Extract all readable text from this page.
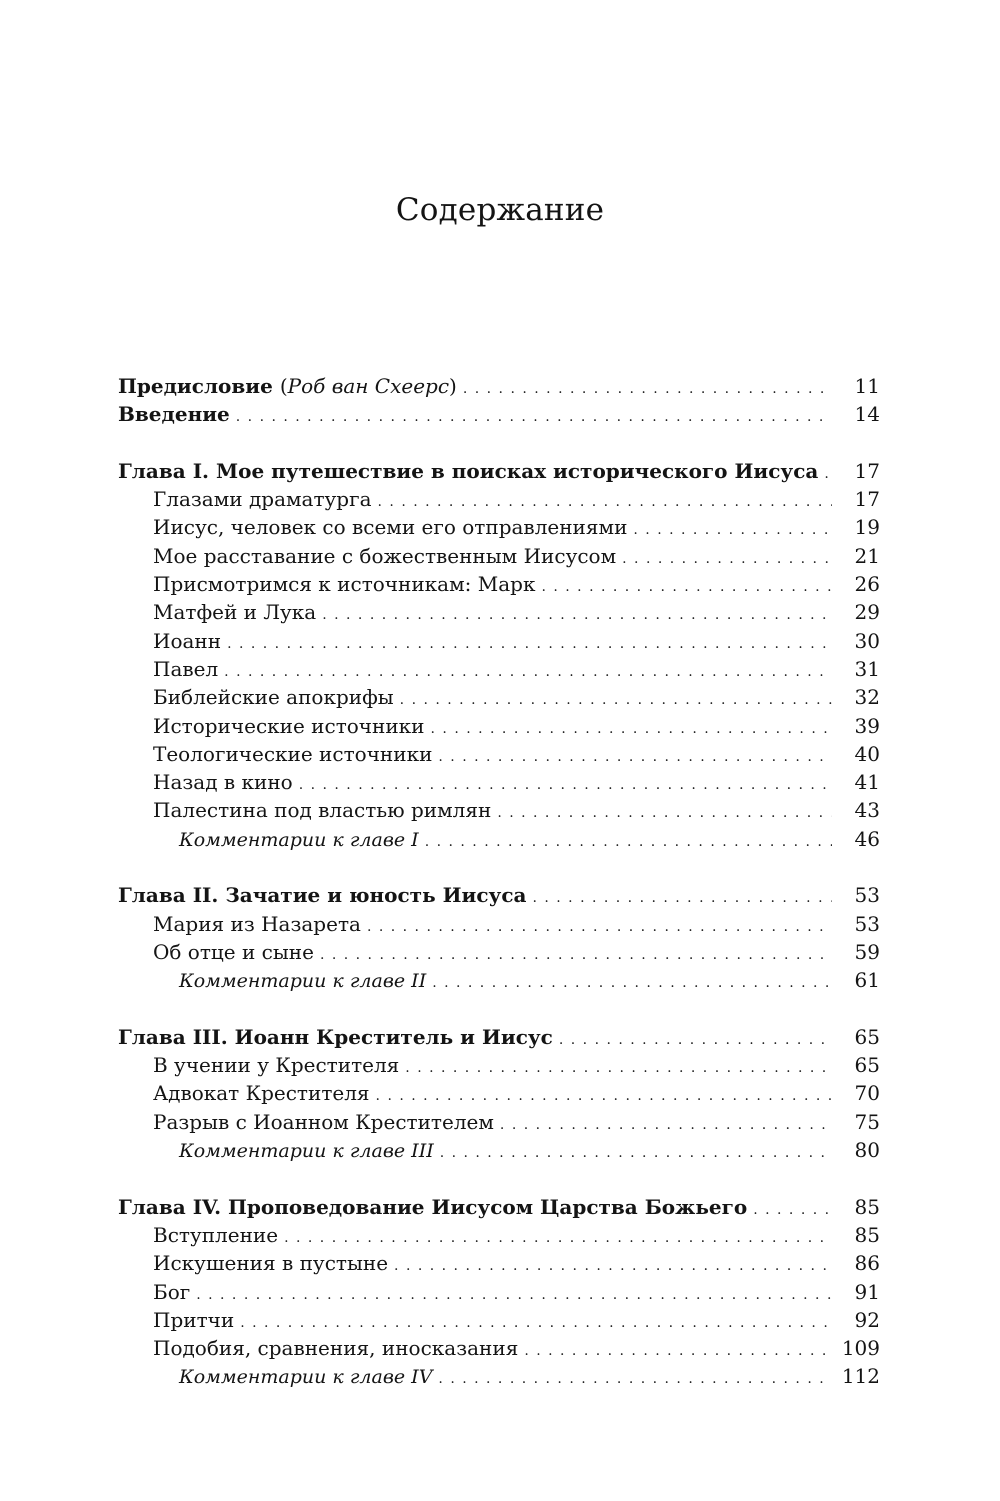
Содержание
Предисловие (Роб ван Схеерс) . . .	11
Введение . . .	14
Глава I. Мое путешествие в поисках исторического Иисуса . . .	17
Глазами драматурга . . .	17
Иисус, человек со всеми его отправлениями . . .	19
Мое расставание с божественным Иисусом . . .	21
Присмотримся к источникам: Марк . . .	26
Матфей и Лука . . .	29
Иоанн . . .	30
Павел . . .	31
Библейские апокрифы . . .	32
Исторические источники . . .	39
Теологические источники . . .	40
Назад в кино . . .	41
Палестина под властью римлян . . .	43
Комментарии к главе I . . .	46
Глава II. Зачатие и юность Иисуса . . .	53
Мария из Назарета . . .	53
Об отце и сыне . . .	59
Комментарии к главе II . . .	61
Глава III. Иоанн Креститель и Иисус . . .	65
В учении у Крестителя . . .	65
Адвокат Крестителя . . .	70
Разрыв с Иоанном Крестителем . . .	75
Комментарии к главе III . . .	80
Глава IV. Проповедование Иисусом Царства Божьего . . .	85
Вступление . . .	85
Искушения в пустыне . . .	86
Бог . . .	91
Притчи . . .	92
Подобия, сравнения, иносказания . . .	109
Комментарии к главе IV . . .	112
